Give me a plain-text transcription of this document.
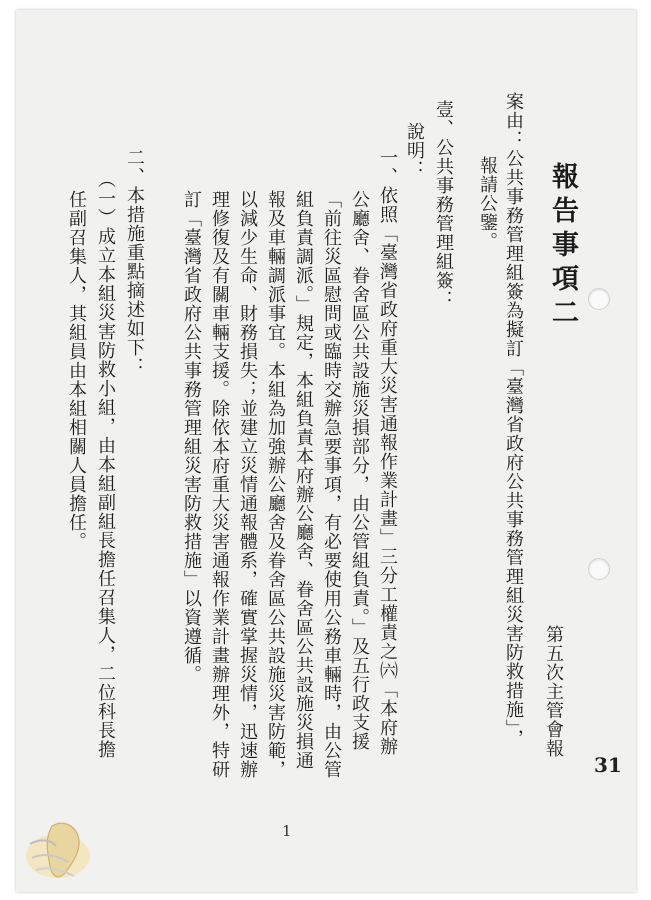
報告事項二
第五次主管會報
31
案由：公共事務管理組簽為擬訂「臺灣省政府公共事務管理組災害防救措施」，
報請公鑒。
壹、公共事務管理組簽：
說明：
一、依照「臺灣省政府重大災害通報作業計畫」三分工權責之㈥「本府辦
公廳舍、眷舍區公共設施災損部分，由公管組負責。」及五行政支援
「前往災區慰問或臨時交辦急要事項，有必要使用公務車輛時，由公管
組負責調派。」規定，本組負責本府辦公廳舍、眷舍區公共設施災損通
報及車輛調派事宜。本組為加強辦公廳舍及眷舍區公共設施災害防範，
以減少生命、財務損失；並建立災情通報體系，確實掌握災情，迅速辦
理修復及有關車輛支援。除依本府重大災害通報作業計畫辦理外，特研
訂「臺灣省政府公共事務管理組災害防救措施」以資遵循。
二、本措施重點摘述如下：
（一）成立本組災害防救小組，由本組副組長擔任召集人，二位科長擔
任副召集人，其組員由本組相關人員擔任。
1
